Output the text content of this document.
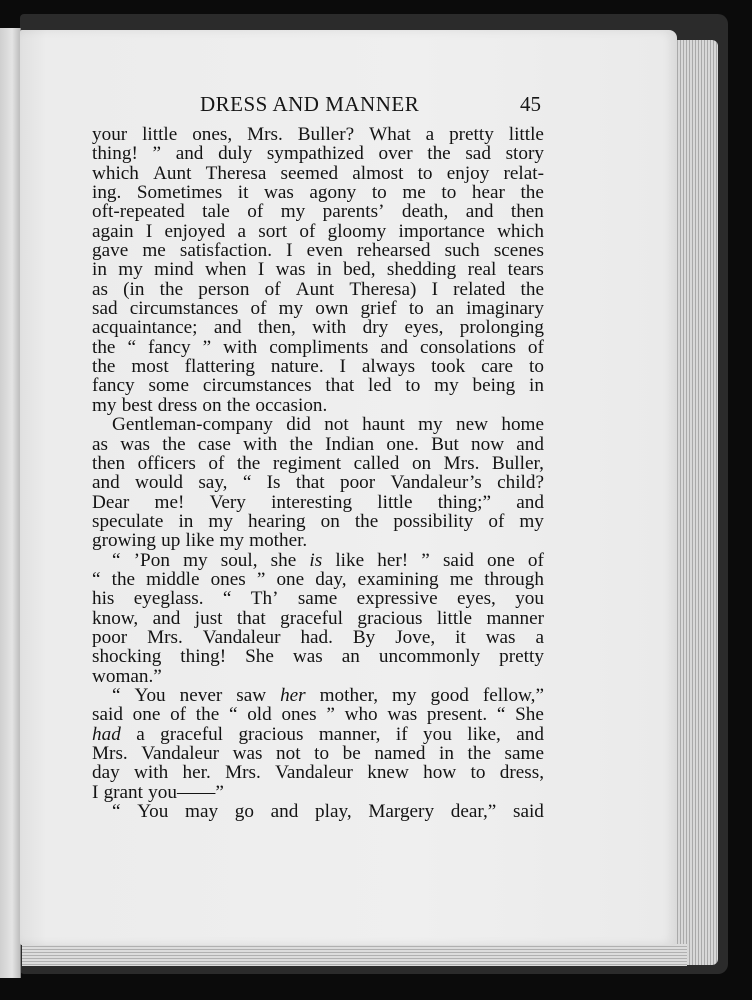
DRESS AND MANNER	45
your little ones, Mrs. Buller? What a pretty little
thing! ” and duly sympathized over the sad story
which Aunt Theresa seemed almost to enjoy relat-
ing. Sometimes it was agony to me to hear the
oft-repeated tale of my parents’ death, and then
again I enjoyed a sort of gloomy importance which
gave me satisfaction. I even rehearsed such scenes
in my mind when I was in bed, shedding real tears
as (in the person of Aunt Theresa) I related the
sad circumstances of my own grief to an imaginary
acquaintance; and then, with dry eyes, prolonging
the “ fancy ” with compliments and consolations of
the most flattering nature. I always took care to
fancy some circumstances that led to my being in
my best dress on the occasion.
Gentleman-company did not haunt my new home
as was the case with the Indian one. But now and
then officers of the regiment called on Mrs. Buller,
and would say, “ Is that poor Vandaleur’s child?
Dear me! Very interesting little thing;” and
speculate in my hearing on the possibility of my
growing up like my mother.
“ ’Pon my soul, she is like her! ” said one of
“ the middle ones ” one day, examining me through
his eyeglass. “ Th’ same expressive eyes, you
know, and just that graceful gracious little manner
poor Mrs. Vandaleur had. By Jove, it was a
shocking thing! She was an uncommonly pretty
woman.”
“ You never saw her mother, my good fellow,”
said one of the “ old ones ” who was present. “ She
had a graceful gracious manner, if you like, and
Mrs. Vandaleur was not to be named in the same
day with her. Mrs. Vandaleur knew how to dress,
I grant you——”
“ You may go and play, Margery dear,” said
